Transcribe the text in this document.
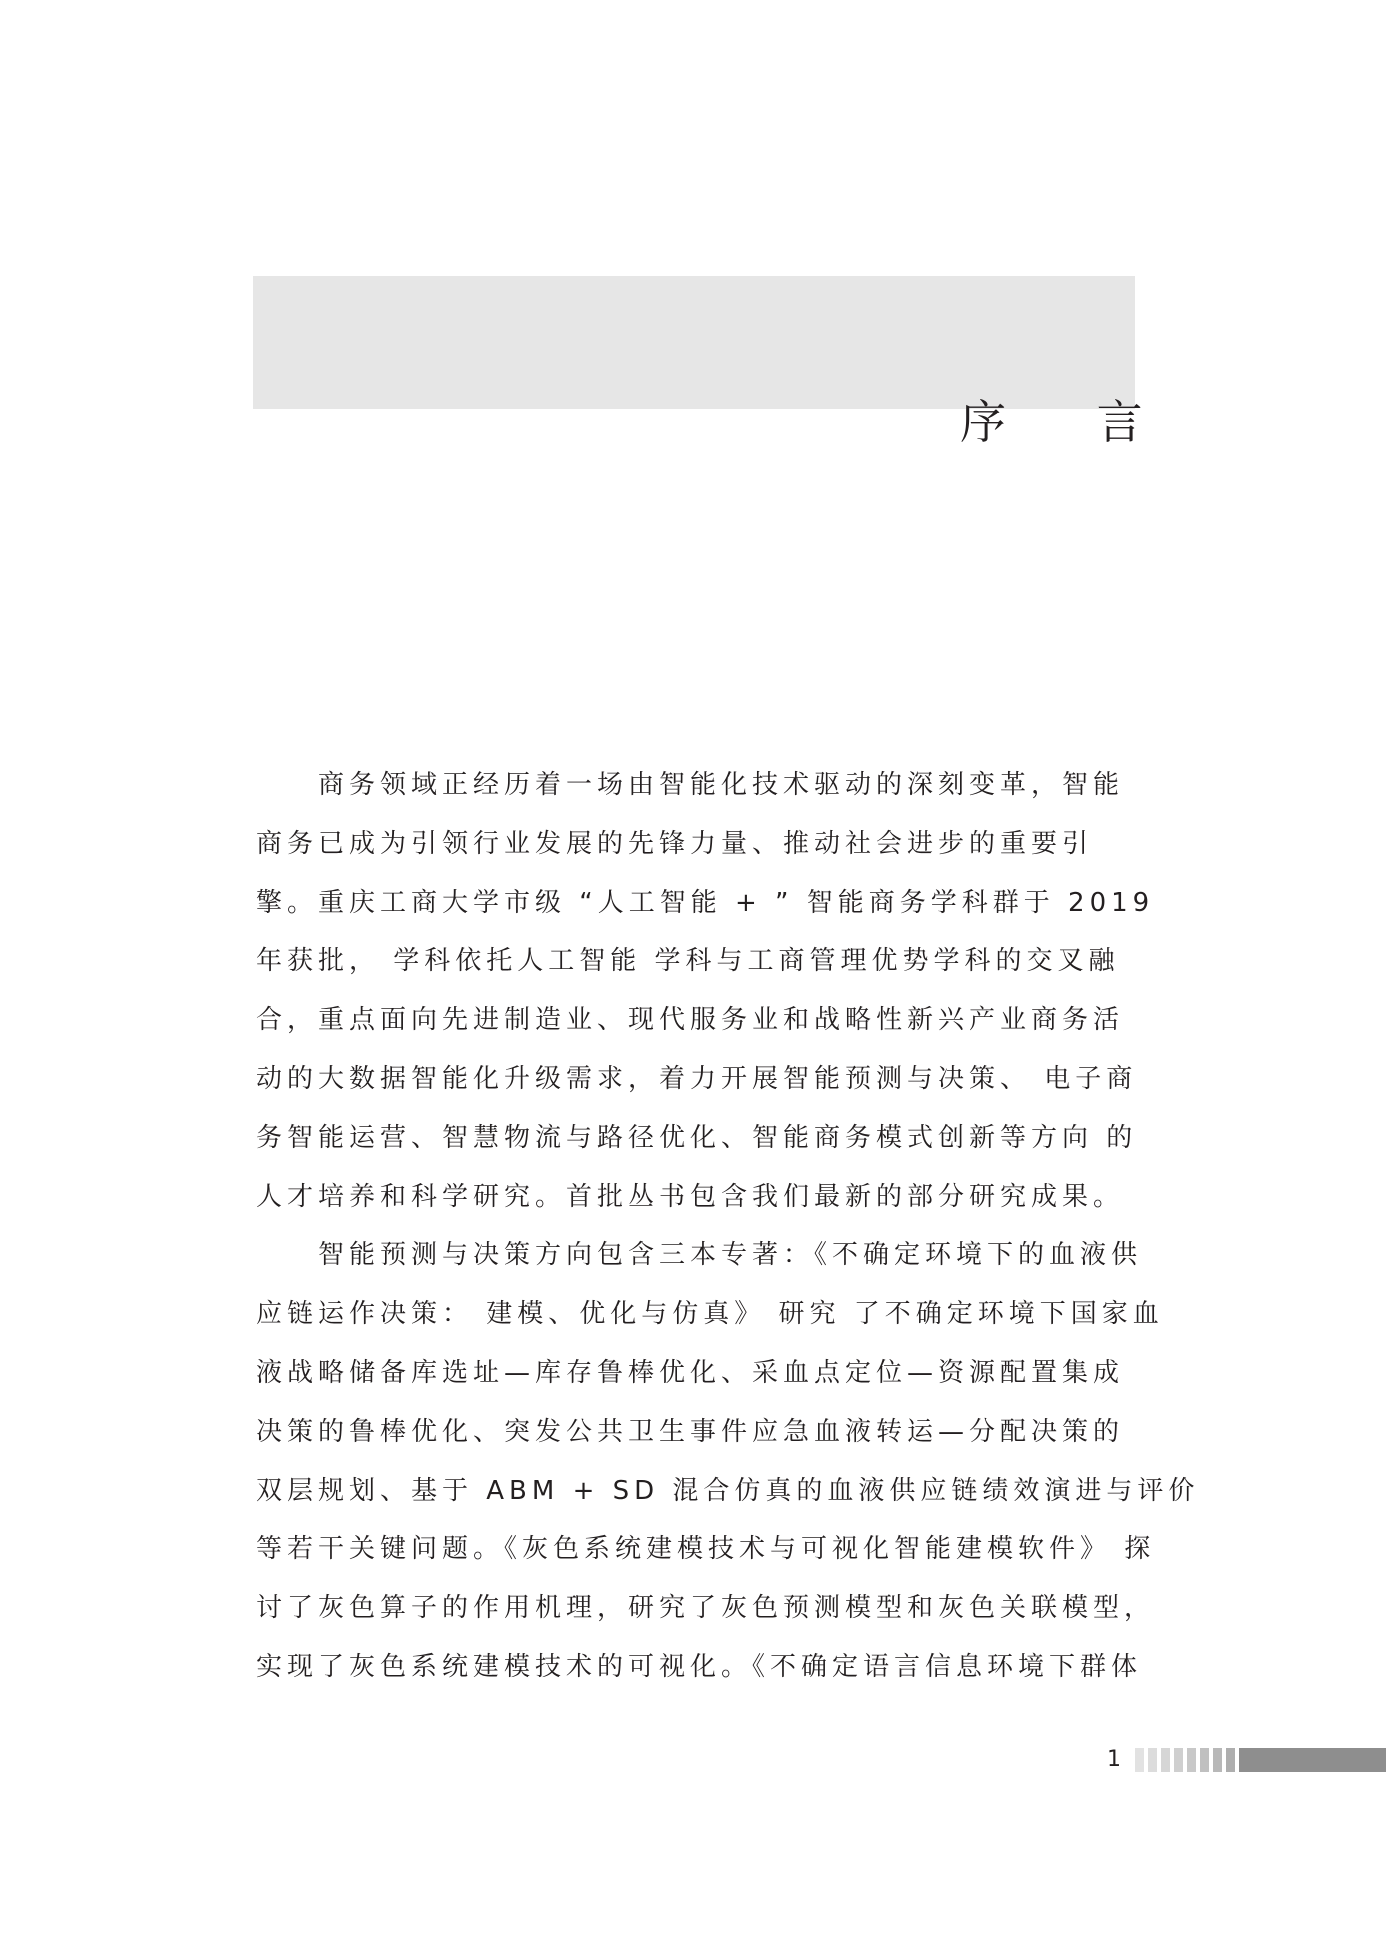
序 言
　　商务领域正经历着一场由智能化技术驱动的深刻变革，智能
商务已成为引领行业发展的先锋力量、推动社会进步的重要引
擎。重庆工商大学市级 “人工智能 + ” 智能商务学科群于 2019
年获批， 学科依托人工智能 学科与工商管理优势学科的交叉融
合，重点面向先进制造业、现代服务业和战略性新兴产业商务活
动的大数据智能化升级需求，着力开展智能预测与决策、 电子商
务智能运营、智慧物流与路径优化、智能商务模式创新等方向 的
人才培养和科学研究。首批丛书包含我们最新的部分研究成果。
　　智能预测与决策方向包含三本专著：《不确定环境下的血液供
应链运作决策： 建模、优化与仿真》 研究 了不确定环境下国家血
液战略储备库选址—库存鲁棒优化、采血点定位—资源配置集成
决策的鲁棒优化、突发公共卫生事件应急血液转运—分配决策的
双层规划、基于 ABM + SD 混合仿真的血液供应链绩效演进与评价
等若干关键问题。《灰色系统建模技术与可视化智能建模软件》 探
讨了灰色算子的作用机理，研究了灰色预测模型和灰色关联模型，
实现了灰色系统建模技术的可视化。《不确定语言信息环境下群体
1
